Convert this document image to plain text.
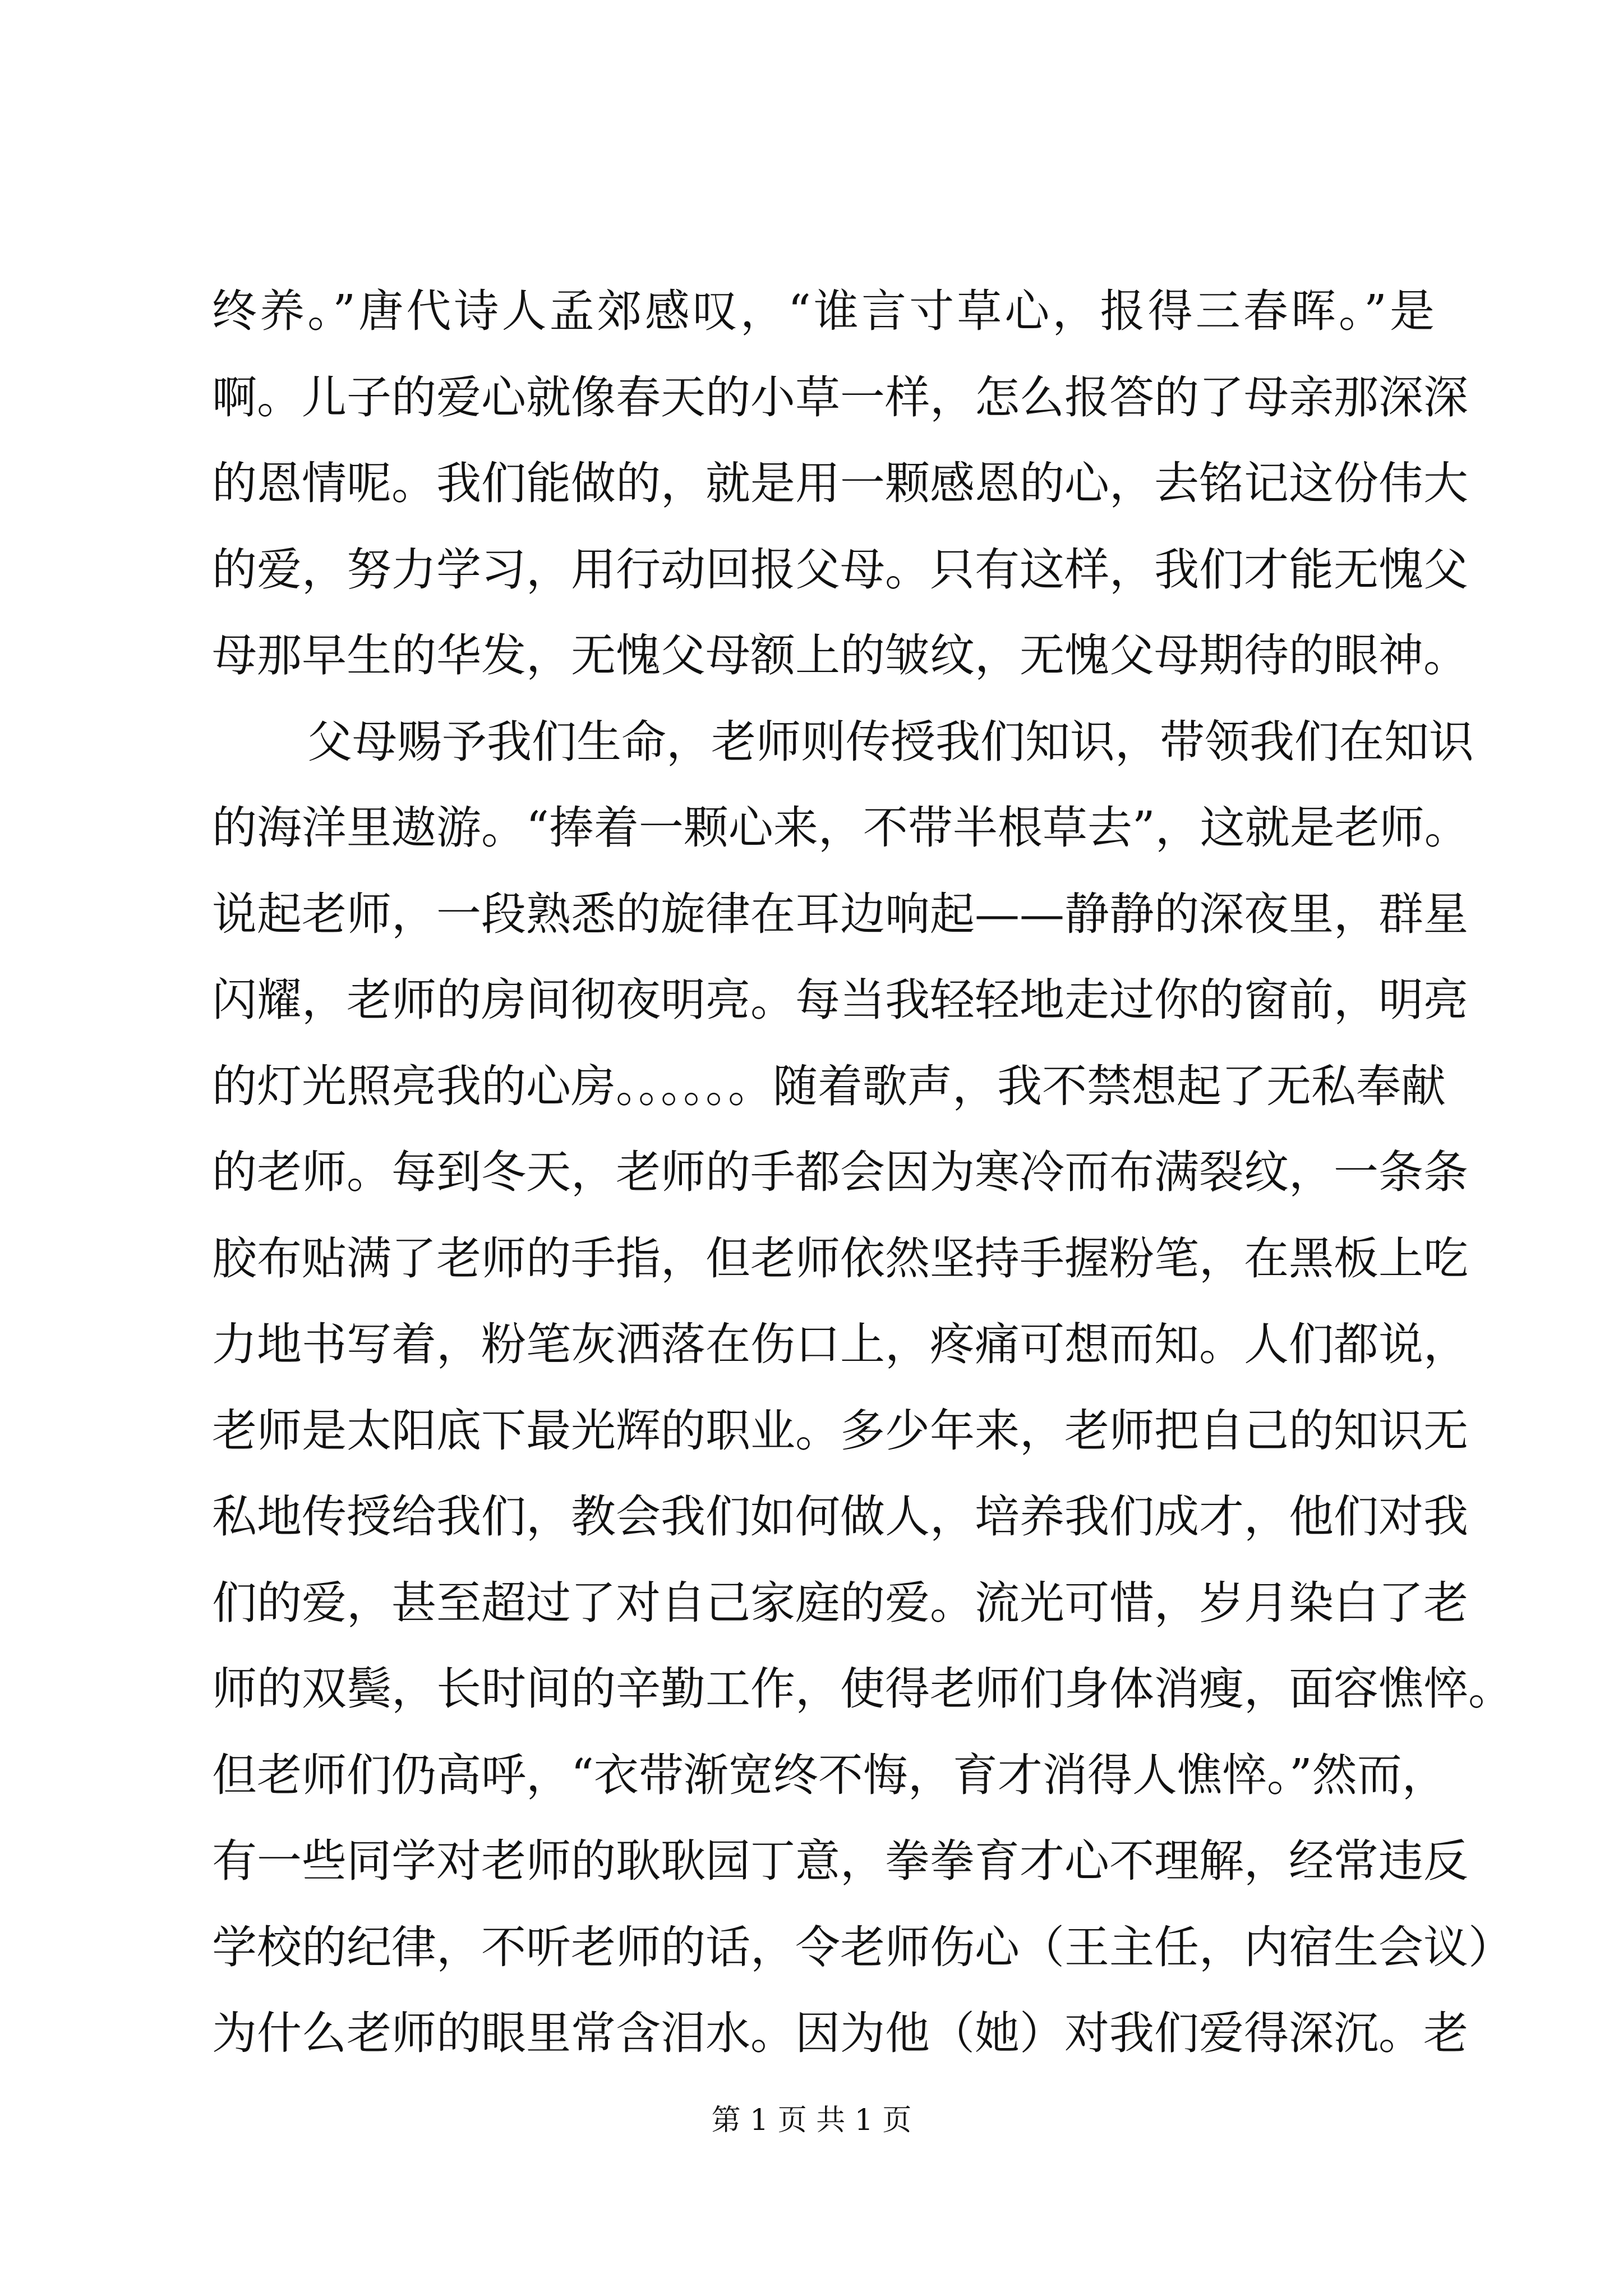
终养。”唐代诗人孟郊感叹，“谁言寸草心，报得三春晖。”是
啊。儿子的爱心就像春天的小草一样，怎么报答的了母亲那深深
的恩情呢。我们能做的，就是用一颗感恩的心，去铭记这份伟大
的爱，努力学习，用行动回报父母。只有这样，我们才能无愧父
母那早生的华发，无愧父母额上的皱纹，无愧父母期待的眼神。
父母赐予我们生命，老师则传授我们知识，带领我们在知识
的海洋里遨游。“捧着一颗心来，不带半根草去”，这就是老师。
说起老师，一段熟悉的旋律在耳边响起——静静的深夜里，群星
闪耀，老师的房间彻夜明亮。每当我轻轻地走过你的窗前，明亮
的灯光照亮我的心房。。。。。。随着歌声，我不禁想起了无私奉献
的老师。每到冬天，老师的手都会因为寒冷而布满裂纹，一条条
胶布贴满了老师的手指，但老师依然坚持手握粉笔，在黑板上吃
力地书写着，粉笔灰洒落在伤口上，疼痛可想而知。人们都说，
老师是太阳底下最光辉的职业。多少年来，老师把自己的知识无
私地传授给我们，教会我们如何做人，培养我们成才，他们对我
们的爱，甚至超过了对自己家庭的爱。流光可惜，岁月染白了老
师的双鬓，长时间的辛勤工作，使得老师们身体消瘦，面容憔悴。
但老师们仍高呼，“衣带渐宽终不悔，育才消得人憔悴。”然而，
有一些同学对老师的耿耿园丁意，拳拳育才心不理解，经常违反
学校的纪律，不听老师的话，令老师伤心（王主任，内宿生会议）
为什么老师的眼里常含泪水。因为他（她）对我们爱得深沉。老
第 1 页 共 1 页
